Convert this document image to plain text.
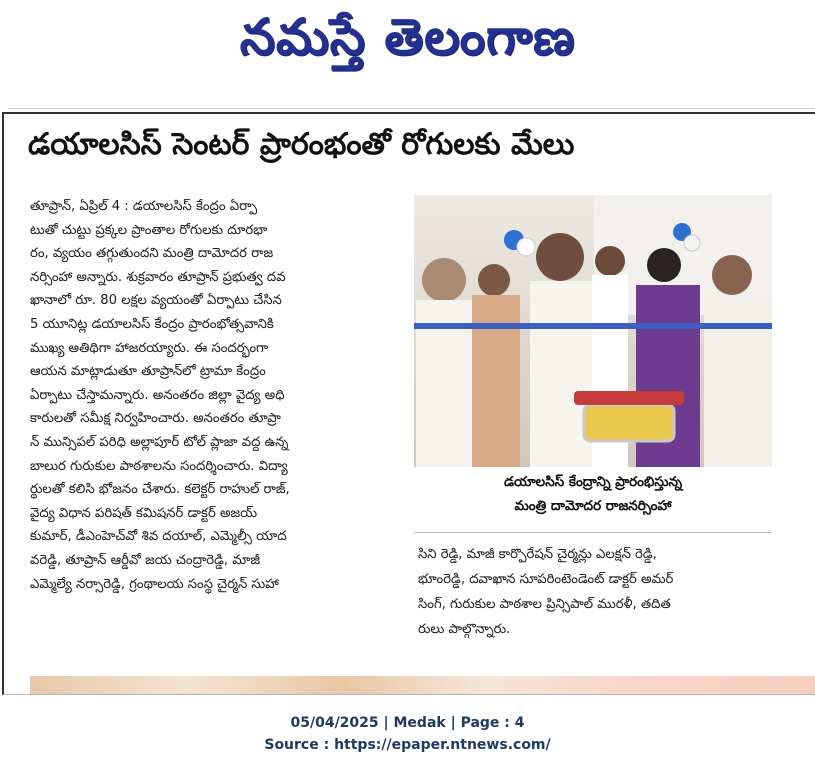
నమస్తే తెలంగాణ
డయాలసిస్ సెంటర్ ప్రారంభంతో రోగులకు మేలు
తూప్రాన్, ఏప్రిల్ 4 : డయాలసిస్ కేంద్రం ఏర్పా
టుతో చుట్టు ప్రక్కల ప్రాంతాల రోగులకు దూరభా
రం, వ్యయం తగ్గుతుందని మంత్రి దామోదర రాజ
నర్సింహా అన్నారు. శుక్రవారం తూప్రాన్ ప్రభుత్వ దవ
ఖానాలో రూ. 80 లక్షల వ్యయంతో ఏర్పాటు చేసిన
5 యూనిట్ల డయాలసిస్ కేంద్రం ప్రారంభోత్సవానికి
ముఖ్య అతిథిగా హాజరయ్యారు. ఈ సందర్భంగా
ఆయన మాట్లాడుతూ తూప్రాన్‌లో ట్రామా కేంద్రం
ఏర్పాటు చేస్తామన్నారు. అనంతరం జిల్లా వైద్య అధి
కారులతో సమీక్ష నిర్వహించారు. అనంతరం తూప్రా
న్ మున్సిపల్ పరిధి అల్లాపూర్ టోల్ ప్లాజా వద్ద ఉన్న
బాలుర గురుకుల పాఠశాలను సందర్శించారు. విద్యా
ర్థులతో కలిసి భోజనం చేశారు. కలెక్టర్ రాహుల్ రాజ్,
వైద్య విధాన పరిషత్ కమిషనర్ డాక్టర్ అజయ్
కుమార్, డీఎంహెచ్‌వో శివ దయాల్, ఎమ్మెల్సీ యాద
వరెడ్డి, తూప్రాన్ ఆర్డీవో జయ చంద్రారెడ్డి, మాజీ
ఎమ్మెల్యే నర్సారెడ్డి, గ్రంథాలయ సంస్థ చైర్మన్ సుహా
డయాలసిస్ కేంద్రాన్ని ప్రారంభిస్తున్న
మంత్రి దామోదర రాజనర్సింహా
సిని రెడ్డి, మాజీ కార్పొరేషన్ చైర్మన్లు ఎలక్షన్ రెడ్డి,
భూంరెడ్డి, దవాఖాన సూపరింటెండెంట్ డాక్టర్ అమర్
సింగ్, గురుకుల పాఠశాల ప్రిన్సిపాల్ మురళీ, తదిత
రులు పాల్గొన్నారు.
05/04/2025 | Medak | Page : 4
Source : https://epaper.ntnews.com/
